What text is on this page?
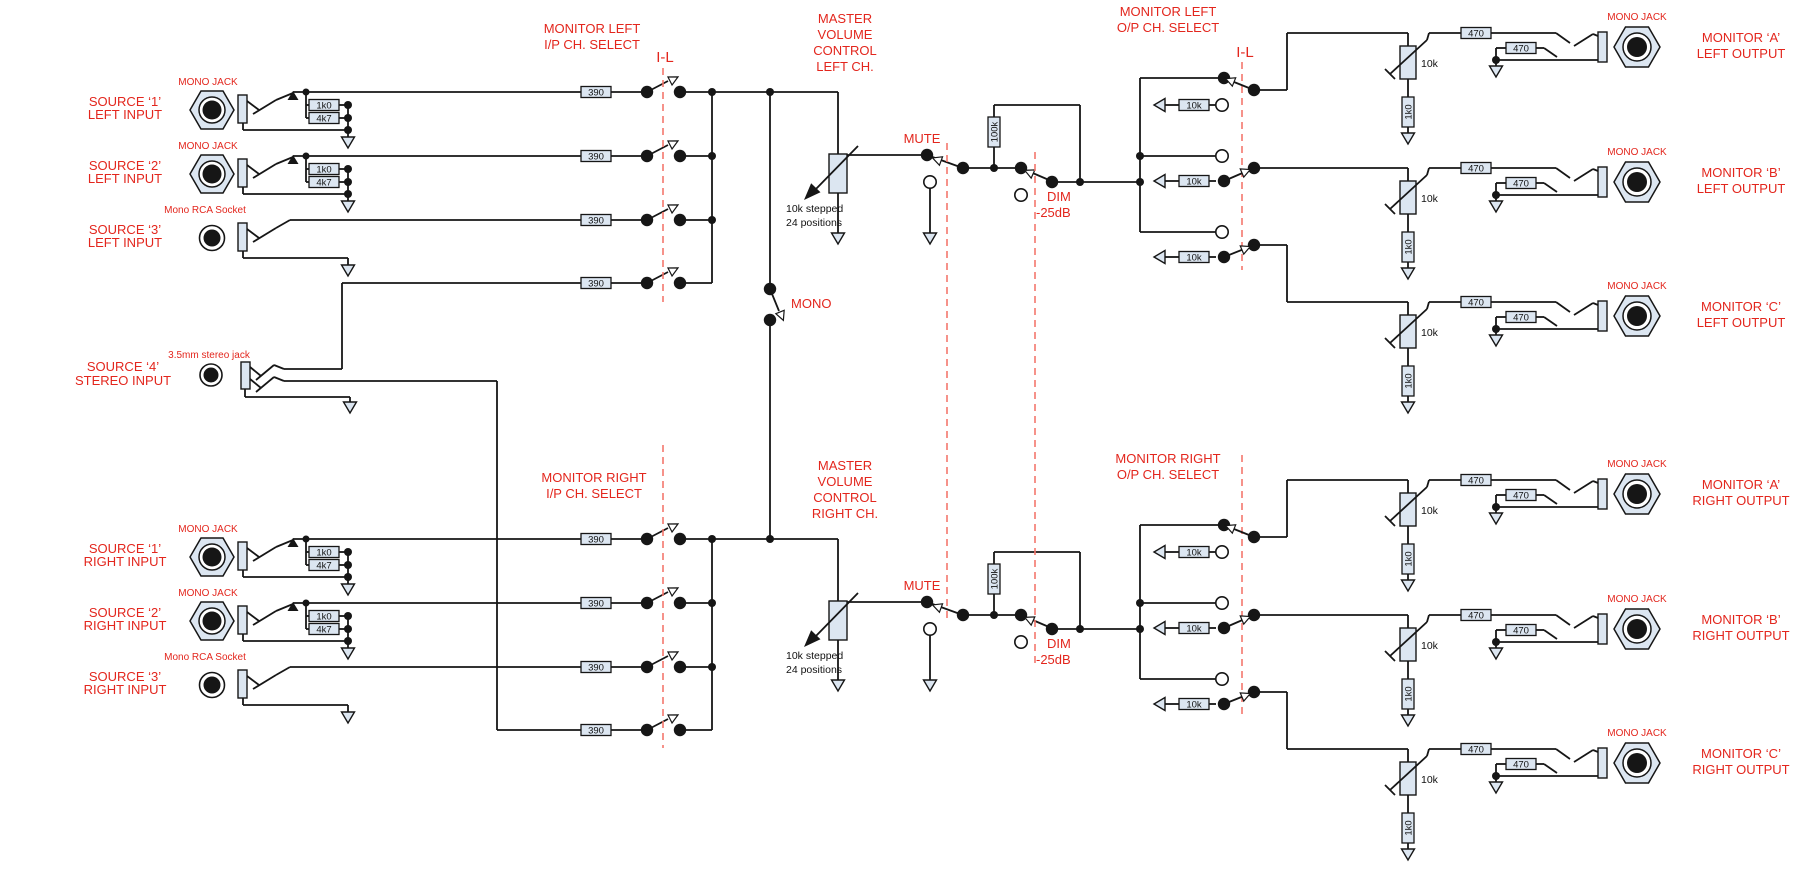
MONO JACK
SOURCE ‘1’
LEFT INPUT
1k0
4k7
MONO JACK
SOURCE ‘2’
LEFT INPUT
1k0
4k7
Mono RCA Socket
SOURCE ‘3’
LEFT INPUT
3.5mm stereo jack
SOURCE ‘4’
STEREO INPUT
MONO JACK
SOURCE ‘1’
RIGHT INPUT
1k0
4k7
MONO JACK
SOURCE ‘2’
RIGHT INPUT
1k0
4k7
Mono RCA Socket
SOURCE ‘3’
RIGHT INPUT
390
390
390
390
MONITOR LEFT
I/P CH. SELECT
I-L
390
390
390
390
MONITOR RIGHT
I/P CH. SELECT
MASTER
VOLUME
CONTROL
LEFT CH.
10k stepped
24 positions
MUTE	100k
DIM
-25dB
MASTER
VOLUME
CONTROL
RIGHT CH.
10k stepped
24 positions
MUTE	100k
DIM
-25dB
MONO
MONITOR LEFT
O/P CH. SELECT
I-L
10k
10k
10k
10k
470
1k0
470
MONO JACK
MONITOR ‘A’
LEFT OUTPUT
10k
470
1k0
470
MONO JACK
MONITOR ‘B’
LEFT OUTPUT
10k
470
1k0
470
MONO JACK
MONITOR ‘C’
LEFT OUTPUT
MONITOR RIGHT
O/P CH. SELECT
10k
10k
10k
10k
470
1k0
470
MONO JACK
MONITOR ‘A’
RIGHT OUTPUT
10k
470
1k0
470
MONO JACK
MONITOR ‘B’
RIGHT OUTPUT
10k
470
1k0
470
MONO JACK
MONITOR ‘C’
RIGHT OUTPUT
